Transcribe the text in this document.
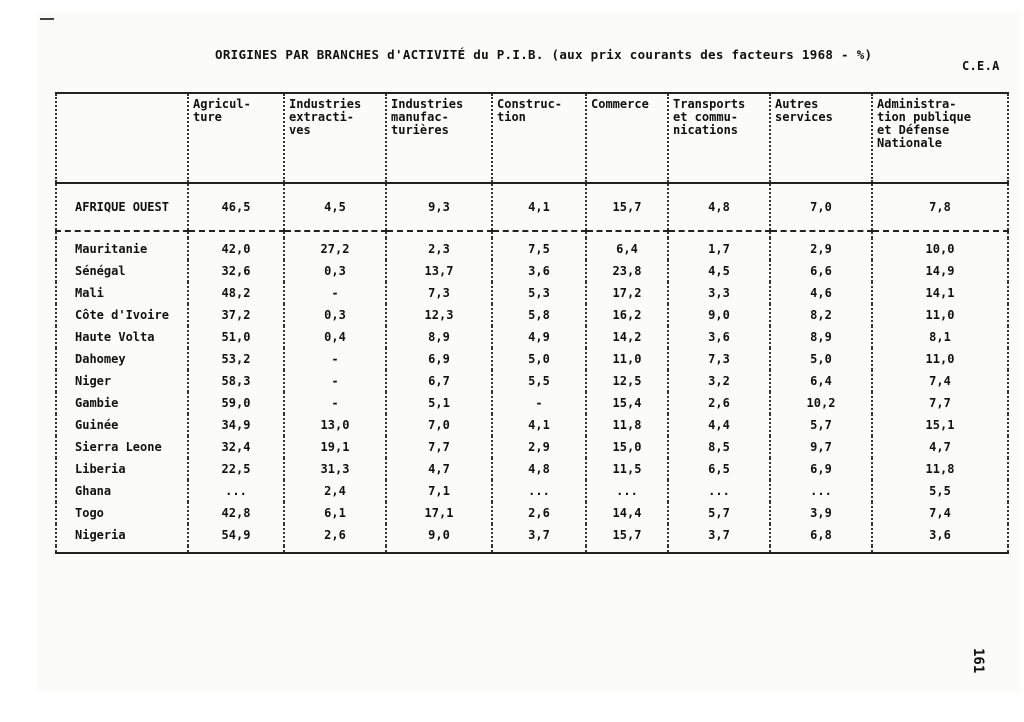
ORIGINES PAR BRANCHES d'ACTIVITÉ du P.I.B. (aux prix courants des facteurs 1968 - %)
C.E.A
161
	Agricul-
ture	Industries
extracti-
ves	Industries
manufac-
turières	Construc-
tion	Commerce	Transports
et commu-
nications	Autres
services	Administra-
tion publique
et Défense
Nationale
AFRIQUE OUEST	46,5	4,5	9,3	4,1	15,7	4,8	7,0	7,8

Mauritanie	42,0	27,2	2,3	7,5	6,4	1,7	2,9	10,0
Sénégal	32,6	0,3	13,7	3,6	23,8	4,5	6,6	14,9
Mali	48,2	-	7,3	5,3	17,2	3,3	4,6	14,1
Côte d'Ivoire	37,2	0,3	12,3	5,8	16,2	9,0	8,2	11,0
Haute Volta	51,0	0,4	8,9	4,9	14,2	3,6	8,9	8,1
Dahomey	53,2	-	6,9	5,0	11,0	7,3	5,0	11,0
Niger	58,3	-	6,7	5,5	12,5	3,2	6,4	7,4
Gambie	59,0	-	5,1	-	15,4	2,6	10,2	7,7
Guinée	34,9	13,0	7,0	4,1	11,8	4,4	5,7	15,1
Sierra Leone	32,4	19,1	7,7	2,9	15,0	8,5	9,7	4,7
Liberia	22,5	31,3	4,7	4,8	11,5	6,5	6,9	11,8
Ghana	...	2,4	7,1	...	...	...	...	5,5
Togo	42,8	6,1	17,1	2,6	14,4	5,7	3,9	7,4
Nigeria	54,9	2,6	9,0	3,7	15,7	3,7	6,8	3,6
